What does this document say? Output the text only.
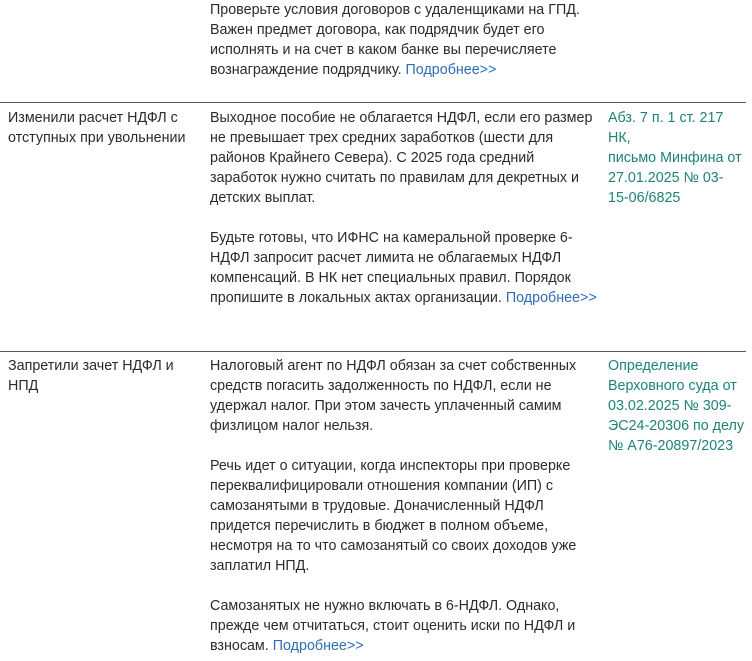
Проверьте условия договоров с удаленщиками на ГПД. Важен предмет договора, как подрядчик будет его исполнять и на счет в каком банке вы перечисляете вознаграждение подрядчику. Подробнее>>

Изменили расчет НДФЛ с отступных при увольнении

Выходное пособие не облагается НДФЛ, если его размер не превышает трех средних заработков (шести для районов Крайнего Севера). С 2025 года средний заработок нужно считать по правилам для декретных и детских выплат.

Будьте готовы, что ИФНС на камеральной проверке 6-НДФЛ запросит расчет лимита не облагаемых НДФЛ компенсаций. В НК нет специальных правил. Порядок пропишите в локальных актах организации. Подробнее>>

Абз. 7 п. 1 ст. 217 НК,
письмо Минфина от 27.01.2025 № 03-15-06/6825
Запретили зачет НДФЛ и НПД

Налоговый агент по НДФЛ обязан за счет собственных средств погасить задолженность по НДФЛ, если не удержал налог. При этом зачесть уплаченный самим физлицом налог нельзя.

Речь идет о ситуации, когда инспекторы при проверке переквалифицировали отношения компании (ИП) с самозанятыми в трудовые. Доначисленный НДФЛ придется перечислить в бюджет в полном объеме, несмотря на то что самозанятый со своих доходов уже заплатил НПД.

Самозанятых не нужно включать в 6-НДФЛ. Однако, прежде чем отчитаться, стоит оценить иски по НДФЛ и взносам. Подробнее>>

Определение Верховного суда от 03.02.2025 № 309-ЭС24-20306 по делу № А76-20897/2023
